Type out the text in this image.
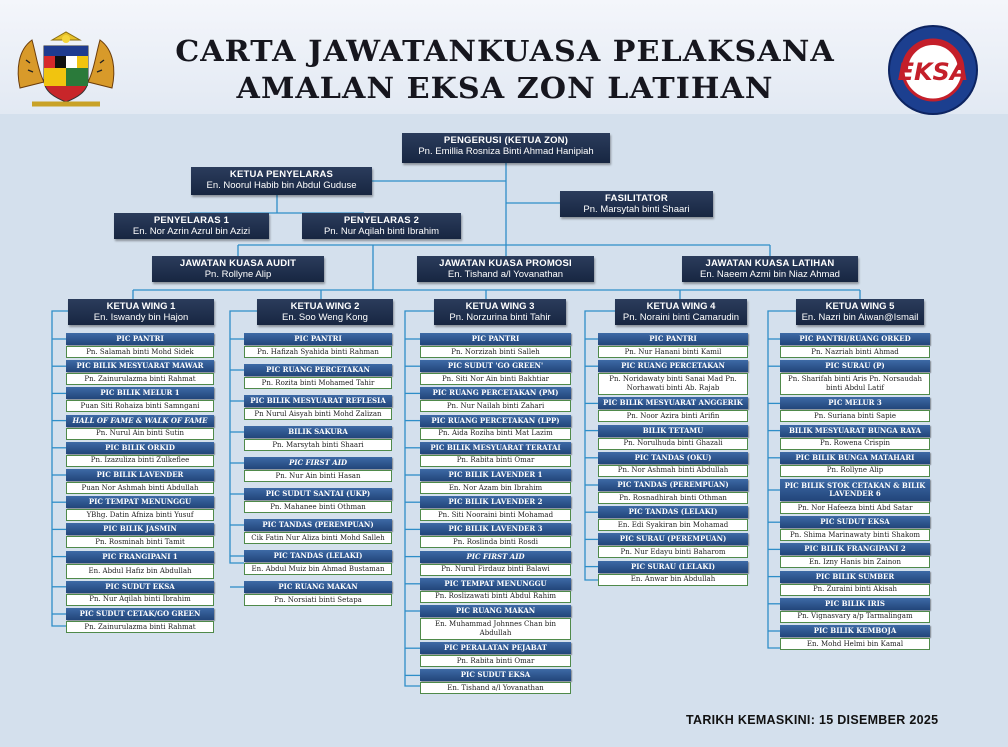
CARTA JAWATANKUASA PELAKSANA
AMALAN EKSA ZON LATIHAN	EKSA
PENGERUSI (KETUA ZON)
Pn. Emillia Rosniza Binti Ahmad Hanipiah
KETUA PENYELARAS
En. Noorul Habib bin Abdul Guduse
FASILITATOR
Pn. Marsytah binti Shaari
PENYELARAS 1
En. Nor Azrin Azrul bin Azizi
PENYELARAS 2
Pn. Nur Aqilah binti Ibrahim
JAWATAN KUASA AUDIT
Pn. Rollyne Alip
JAWATAN KUASA PROMOSI
En. Tishand a/l Yovanathan
JAWATAN KUASA LATIHAN
En. Naeem Azmi bin Niaz Ahmad
KETUA WING 1
En. Iswandy bin Hajon
KETUA WING 2
En. Soo Weng Kong
KETUA WING 3
Pn. Norzurina binti Tahir
KETUA WING 4
Pn. Noraini binti Camarudin
KETUA WING 5
En. Nazri bin Aiwan@Ismail
PIC PANTRI
Pn. Salamah binti Mohd Sidek
PIC BILIK MESYUARAT MAWAR
Pn. Zainurulazma binti Rahmat
PIC BILIK MELUR 1
Puan Siti Rohaiza binti Samngani
HALL OF FAME & WALK OF FAME
Pn. Nurul Ain binti Sutin
PIC BILIK ORKID
Pn. Izazuliza binti Zulkeflee
PIC BILIK LAVENDER
Puan Nor Ashmah binti Abdullah
PIC TEMPAT MENUNGGU
YBhg. Datin Afniza binti Yusuf
PIC BILIK JASMIN
Pn. Rosminah binti Tamit
PIC FRANGIPANI 1
En. Abdul Hafiz bin Abdullah
PIC SUDUT EKSA
Pn. Nur Aqilah binti Ibrahim
PIC SUDUT CETAK/GO GREEN
Pn. Zainurulazma binti Rahmat
PIC PANTRI
Pn. Hafizah Syahida binti Rahman
PIC RUANG PERCETAKAN
Pn. Rozita binti Mohamed Tahir
PIC BILIK MESYUARAT REFLESIA
Pn Nurul Aisyah binti Mohd Zalizan
BILIK SAKURA
Pn. Marsytah binti Shaari
PIC FIRST AID
Pn. Nur Ain binti Hasan
PIC SUDUT SANTAI (UKP)
Pn. Mahanee binti Othman
PIC TANDAS (PEREMPUAN)
Cik Fatin Nur Aliza binti Mohd Salleh
PIC TANDAS (LELAKI)
En. Abdul Muiz bin Ahmad Bustaman
PIC RUANG MAKAN
Pn. Norsiati binti Setapa
PIC PANTRI
Pn. Norzizah binti Salleh
PIC SUDUT 'GO GREEN'
Pn. Siti Nor Ain binti Bakhtiar
PIC RUANG PERCETAKAN (PM)
Pn. Nur Nailah binti Zahari
PIC RUANG PERCETAKAN (LPP)
Pn. Aida Roziha binti Mat Lazim
PIC BILIK MESYUARAT TERATAI
Pn. Rabita binti Omar
PIC BILIK LAVENDER 1
En. Nor Azam bin Ibrahim
PIC BILIK LAVENDER 2
Pn. Siti Nooraini binti Mohamad
PIC BILIK LAVENDER 3
Pn. Roslinda binti Rosdi
PIC FIRST AID
Pn. Nurul Firdauz binti Balawi
PIC TEMPAT MENUNGGU
Pn. Roslizawati binti Abdul Rahim
PIC RUANG MAKAN
En. Muhammad Johnnes Chan bin Abdullah
PIC PERALATAN PEJABAT
Pn. Rabita binti Omar
PIC SUDUT EKSA
En. Tishand a/l Yovanathan
PIC PANTRI
Pn. Nur Hanani binti Kamil
PIC RUANG PERCETAKAN
Pn. Noridawaty binti Sanai Mad Pn. Norhawati binti Ab. Rajab
PIC BILIK MESYUARAT ANGGERIK
Pn. Noor Azira binti Arifin
BILIK TETAMU
Pn. Norulhuda binti Ghazali
PIC TANDAS (OKU)
Pn. Nor Ashmah binti Abdullah
PIC TANDAS (PEREMPUAN)
Pn. Rosnadhirah binti Othman
PIC TANDAS (LELAKI)
En. Edi Syakiran bin Mohamad
PIC SURAU (PEREMPUAN)
Pn. Nur Edayu binti Baharom
PIC SURAU (LELAKI)
En. Anwar bin Abdullah
PIC PANTRI/RUANG ORKED
Pn. Nazriah binti Ahmad
PIC SURAU (P)
Pn. Sharifah binti Aris Pn. Norsaudah binti Abdul Latif
PIC MELUR 3
Pn. Suriana binti Sapie
BILIK MESYUARAT BUNGA RAYA
Pn. Rowena Crispin
PIC BILIK BUNGA MATAHARI
Pn. Rollyne Alip
PIC BILIK STOK CETAKAN & BILIK LAVENDER 6
Pn. Nor Hafeeza binti Abd Satar
PIC SUDUT EKSA
Pn. Shima Marinawaty binti Shakom
PIC BILIK FRANGIPANI 2
En. Izny Hanis bin Zainon
PIC BILIK SUMBER
Pn. Zuraini binti Akisah
PIC BILIK IRIS
Pn. Vignasvary a/p Tarmalingam
PIC BILIK KEMBOJA
En. Mohd Helmi bin Kamal
TARIKH KEMASKINI: 15 DISEMBER 2025
